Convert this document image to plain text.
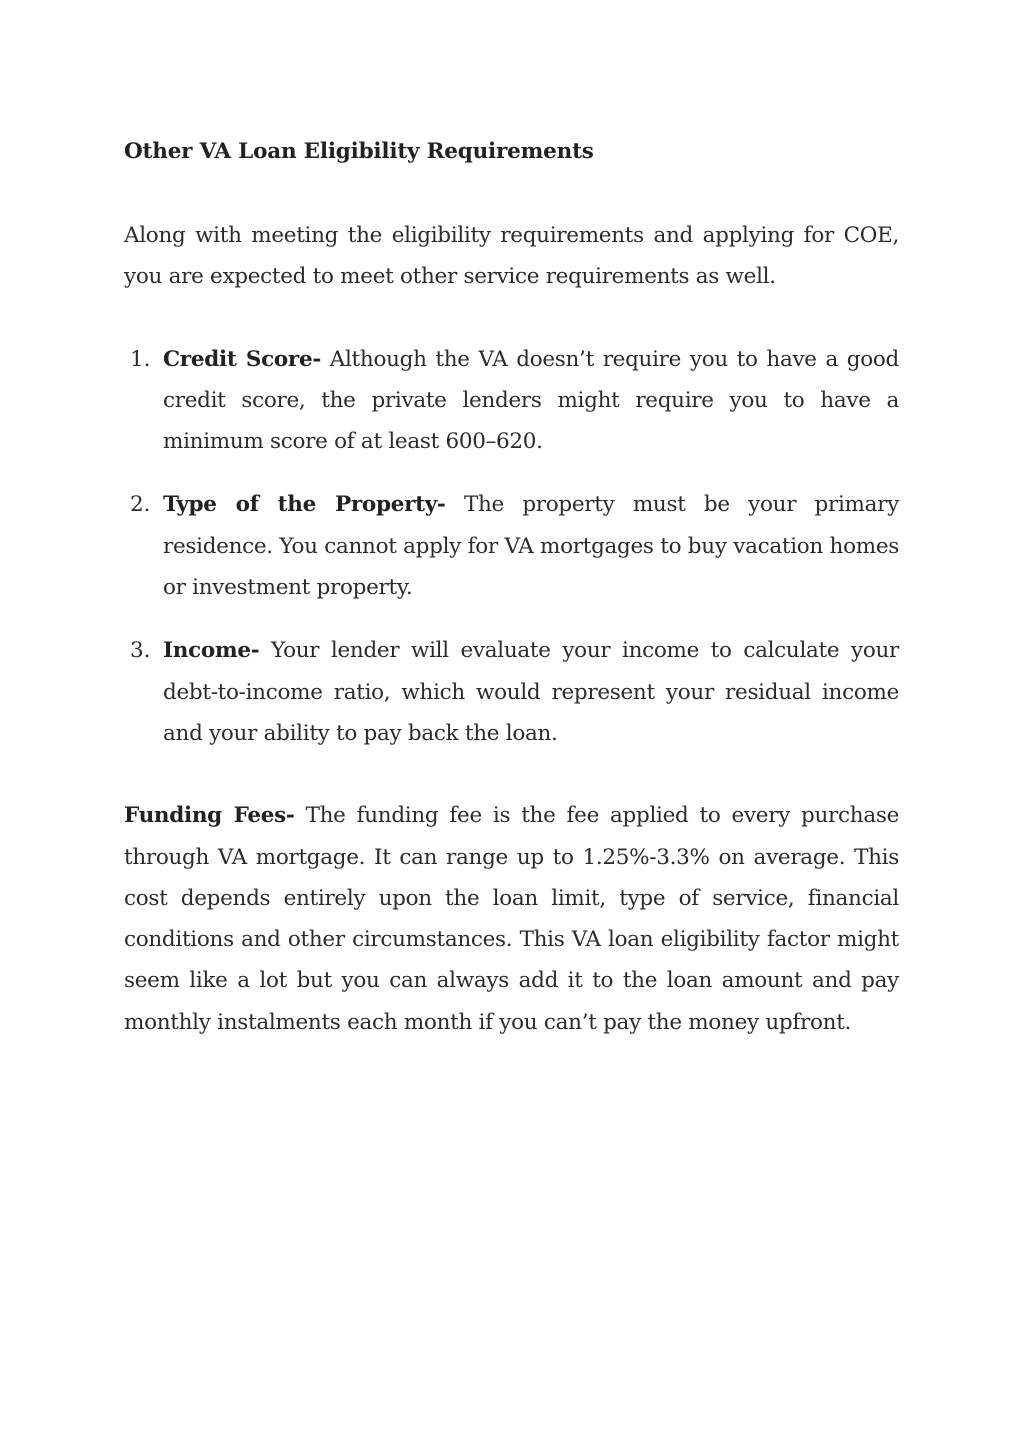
Other VA Loan Eligibility Requirements

Along with meeting the eligibility requirements and applying for COE, you are expected to meet other service requirements as well.

1. Credit Score- Although the VA doesn’t require you to have a good credit score, the private lenders might require you to have a minimum score of at least 600–620.

2. Type of the Property- The property must be your primary residence. You cannot apply for VA mortgages to buy vacation homes or investment property.

3. Income- Your lender will evaluate your income to calculate your debt-to-income ratio, which would represent your residual income and your ability to pay back the loan.

Funding Fees- The funding fee is the fee applied to every purchase through VA mortgage. It can range up to 1.25%-3.3% on average. This cost depends entirely upon the loan limit, type of service, financial conditions and other circumstances. This VA loan eligibility factor might seem like a lot but you can always add it to the loan amount and pay monthly instalments each month if you can’t pay the money upfront.
